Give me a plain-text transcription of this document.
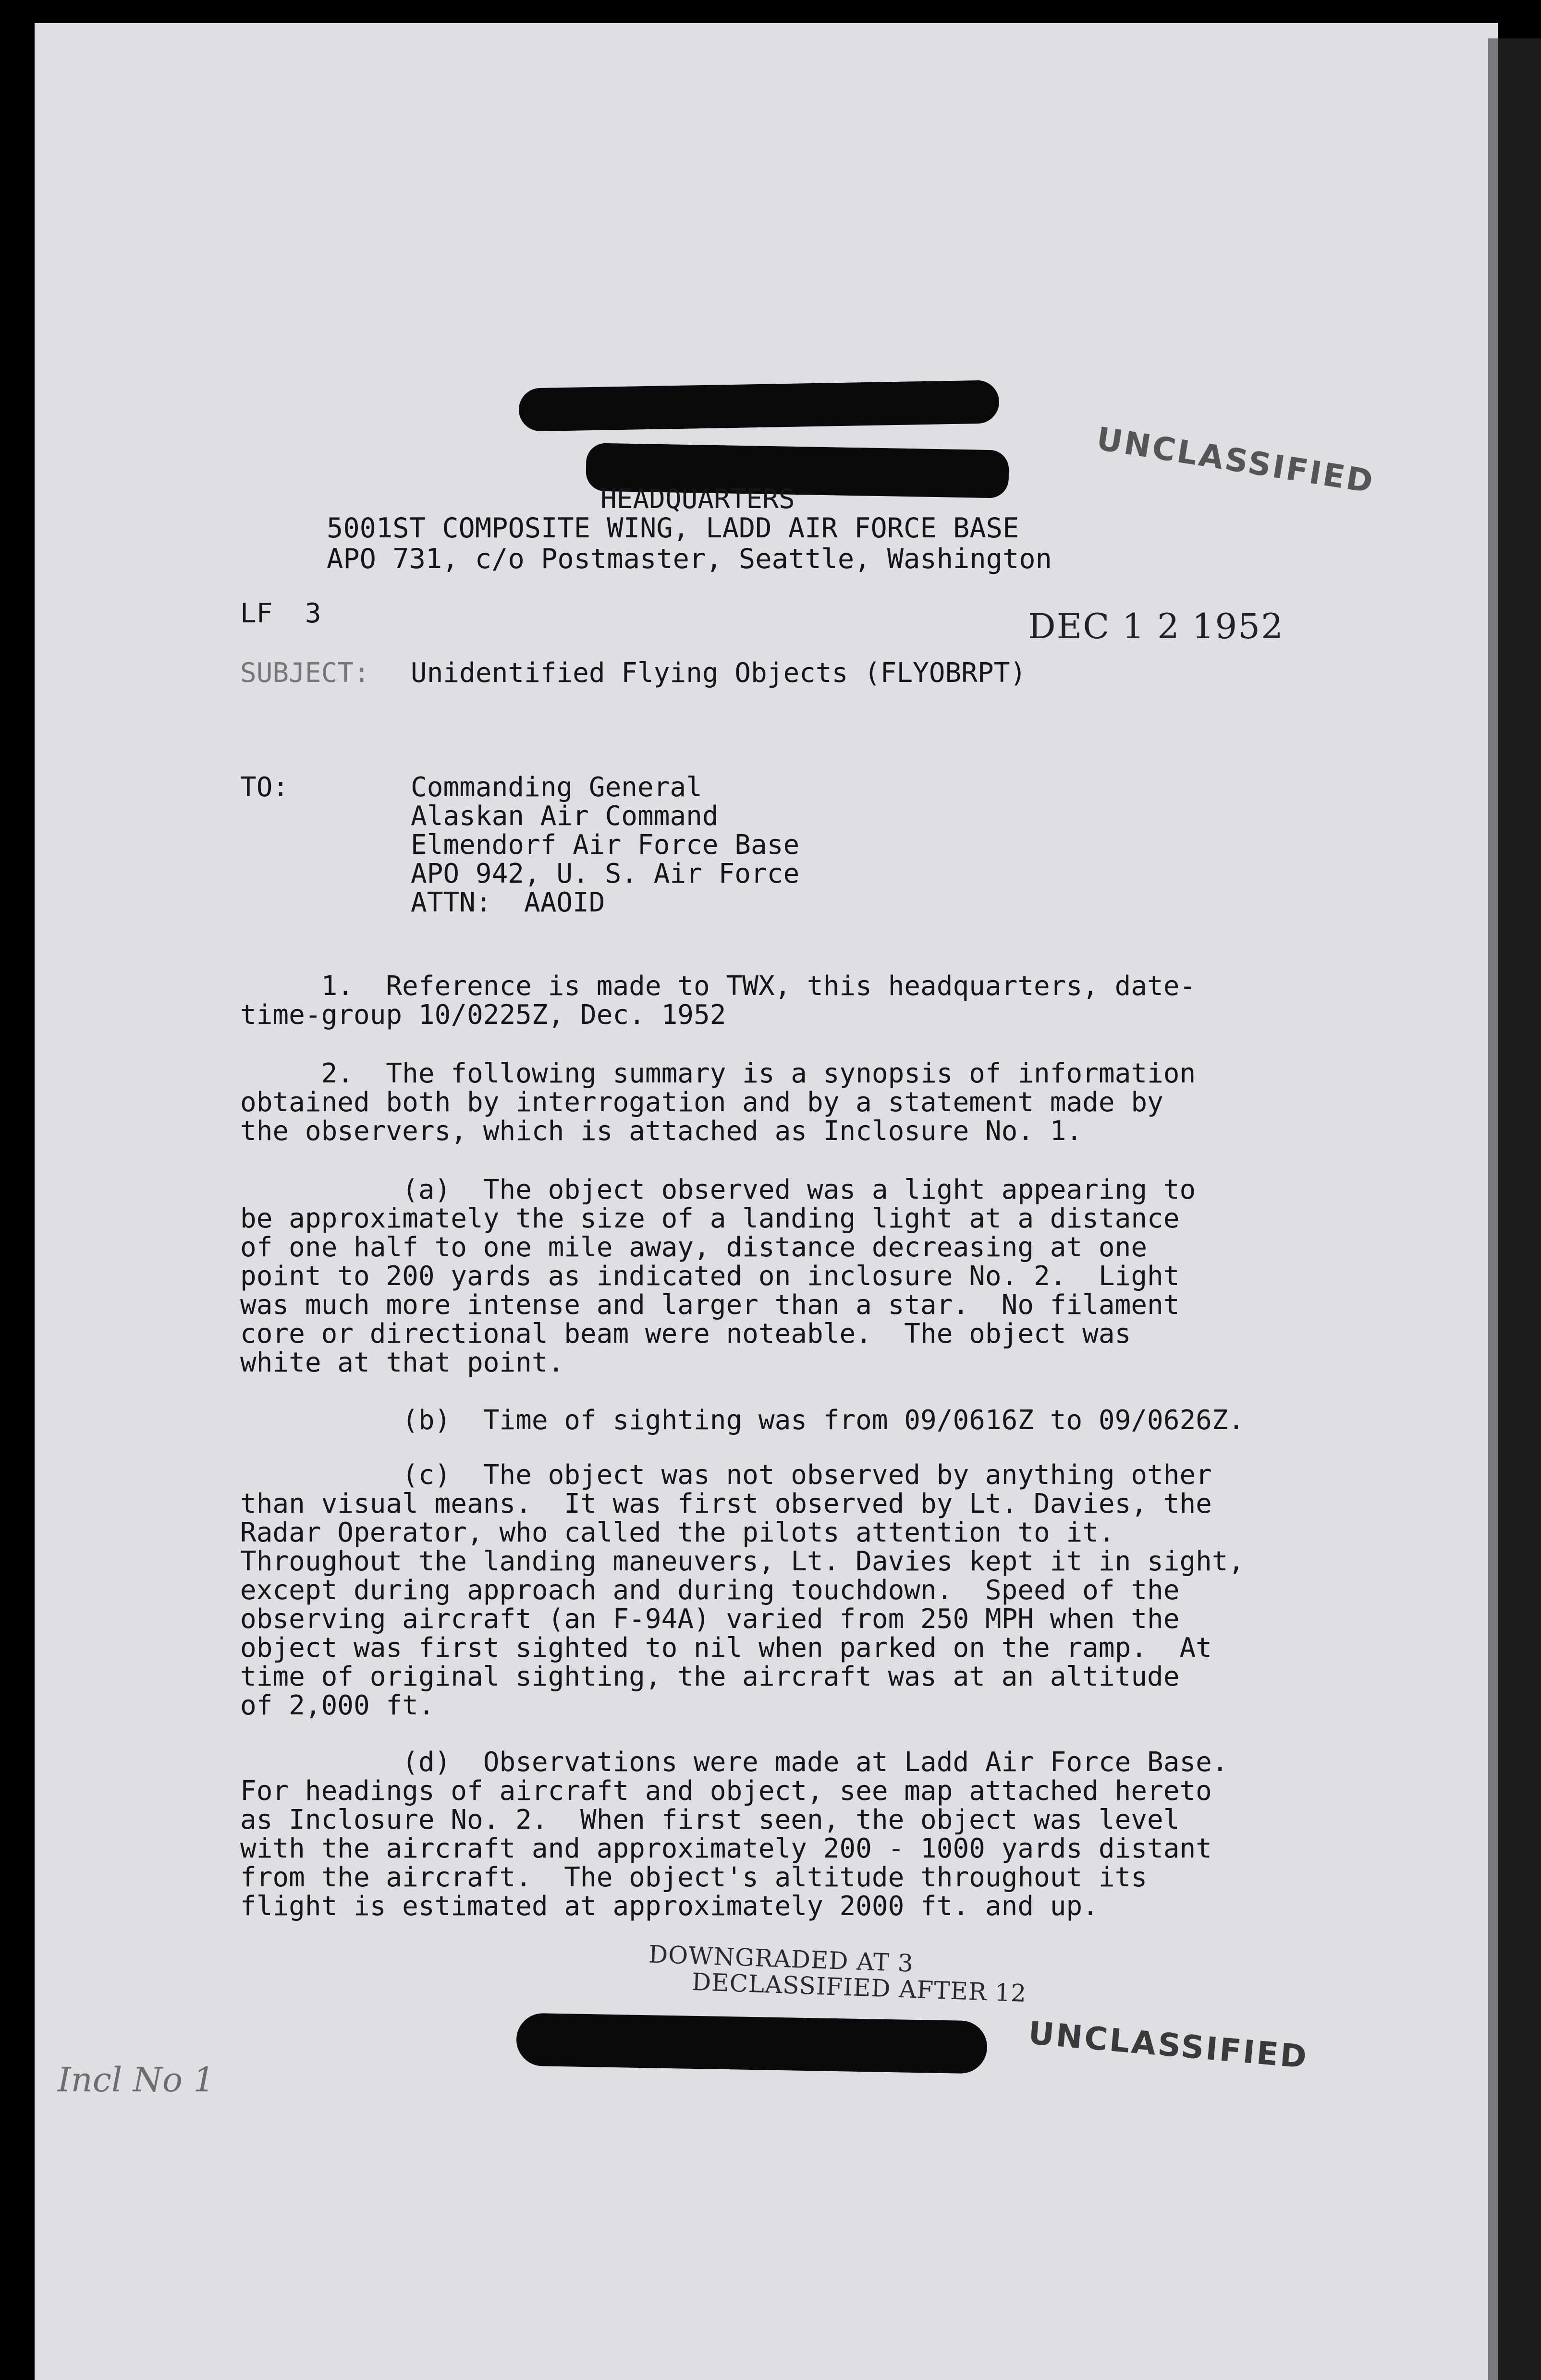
UNCLASSIFIED
HEADQUARTERS
5001ST COMPOSITE WING, LADD AIR FORCE BASE
APO 731, c/o Postmaster, Seattle, Washington
LF  3	DEC 1 2 1952
SUBJECT: Unidentified Flying Objects (FLYOBRPT)
TO:	Commanding General
Alaskan Air Command
Elmendorf Air Force Base
APO 942, U. S. Air Force
ATTN:  AAOID
1.  Reference is made to TWX, this headquarters, date-
time-group 10/0225Z, Dec. 1952
2.  The following summary is a synopsis of information
obtained both by interrogation and by a statement made by
the observers, which is attached as Inclosure No. 1.
(a)  The object observed was a light appearing to
be approximately the size of a landing light at a distance
of one half to one mile away, distance decreasing at one
point to 200 yards as indicated on inclosure No. 2.  Light
was much more intense and larger than a star.  No filament
core or directional beam were noteable.  The object was
white at that point.
(b)  Time of sighting was from 09/0616Z to 09/0626Z.
(c)  The object was not observed by anything other
than visual means.  It was first observed by Lt. Davies, the
Radar Operator, who called the pilots attention to it.
Throughout the landing maneuvers, Lt. Davies kept it in sight,
except during approach and during touchdown.  Speed of the
observing aircraft (an F-94A) varied from 250 MPH when the
object was first sighted to nil when parked on the ramp.  At
time of original sighting, the aircraft was at an altitude
of 2,000 ft.
(d)  Observations were made at Ladd Air Force Base.
For headings of aircraft and object, see map attached hereto
as Inclosure No. 2.  When first seen, the object was level
with the aircraft and approximately 200 - 1000 yards distant
from the aircraft.  The object's altitude throughout its
flight is estimated at approximately 2000 ft. and up.
DOWNGRADED AT 3
DECLASSIFIED AFTER 12
UNCLASSIFIED
Incl No 1
